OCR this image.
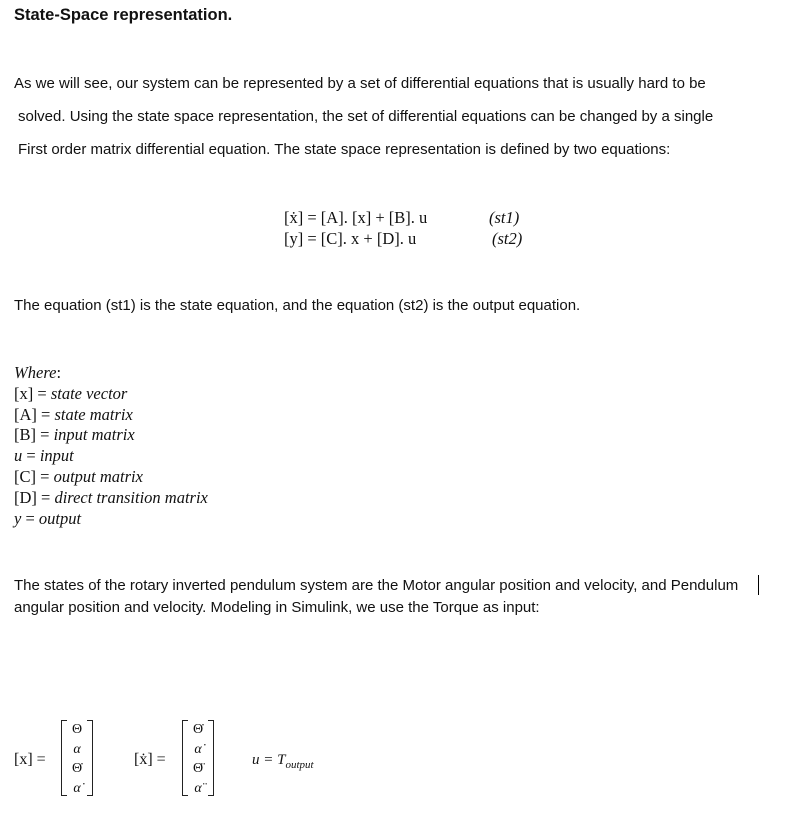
State-Space representation.
As we will see, our system can be represented by a set of differential equations that is usually hard to be
solved. Using the state space representation, the set of differential equations can be changed by a single
First order matrix differential equation. The state space representation is defined by two equations:
[ẋ] = [A]. [x] + [B]. u	(st1)
[y] = [C]. x + [D]. u	(st2)
The equation (st1) is the state equation, and the equation (st2) is the output equation.
Where:
[x] = state vector
[A] = state matrix
[B] = input matrix
u = input
[C] = output matrix
[D] = direct transition matrix
y = output
The states of the rotary inverted pendulum system are the Motor angular position and velocity, and Pendulum
angular position and velocity. Modeling in Simulink, we use the Torque as input:
[x] =
Θ
α
Θ̇
α̇
[ẋ] =
Θ̇
α̇
Θ̈
α̈
$u = T_{output}$
